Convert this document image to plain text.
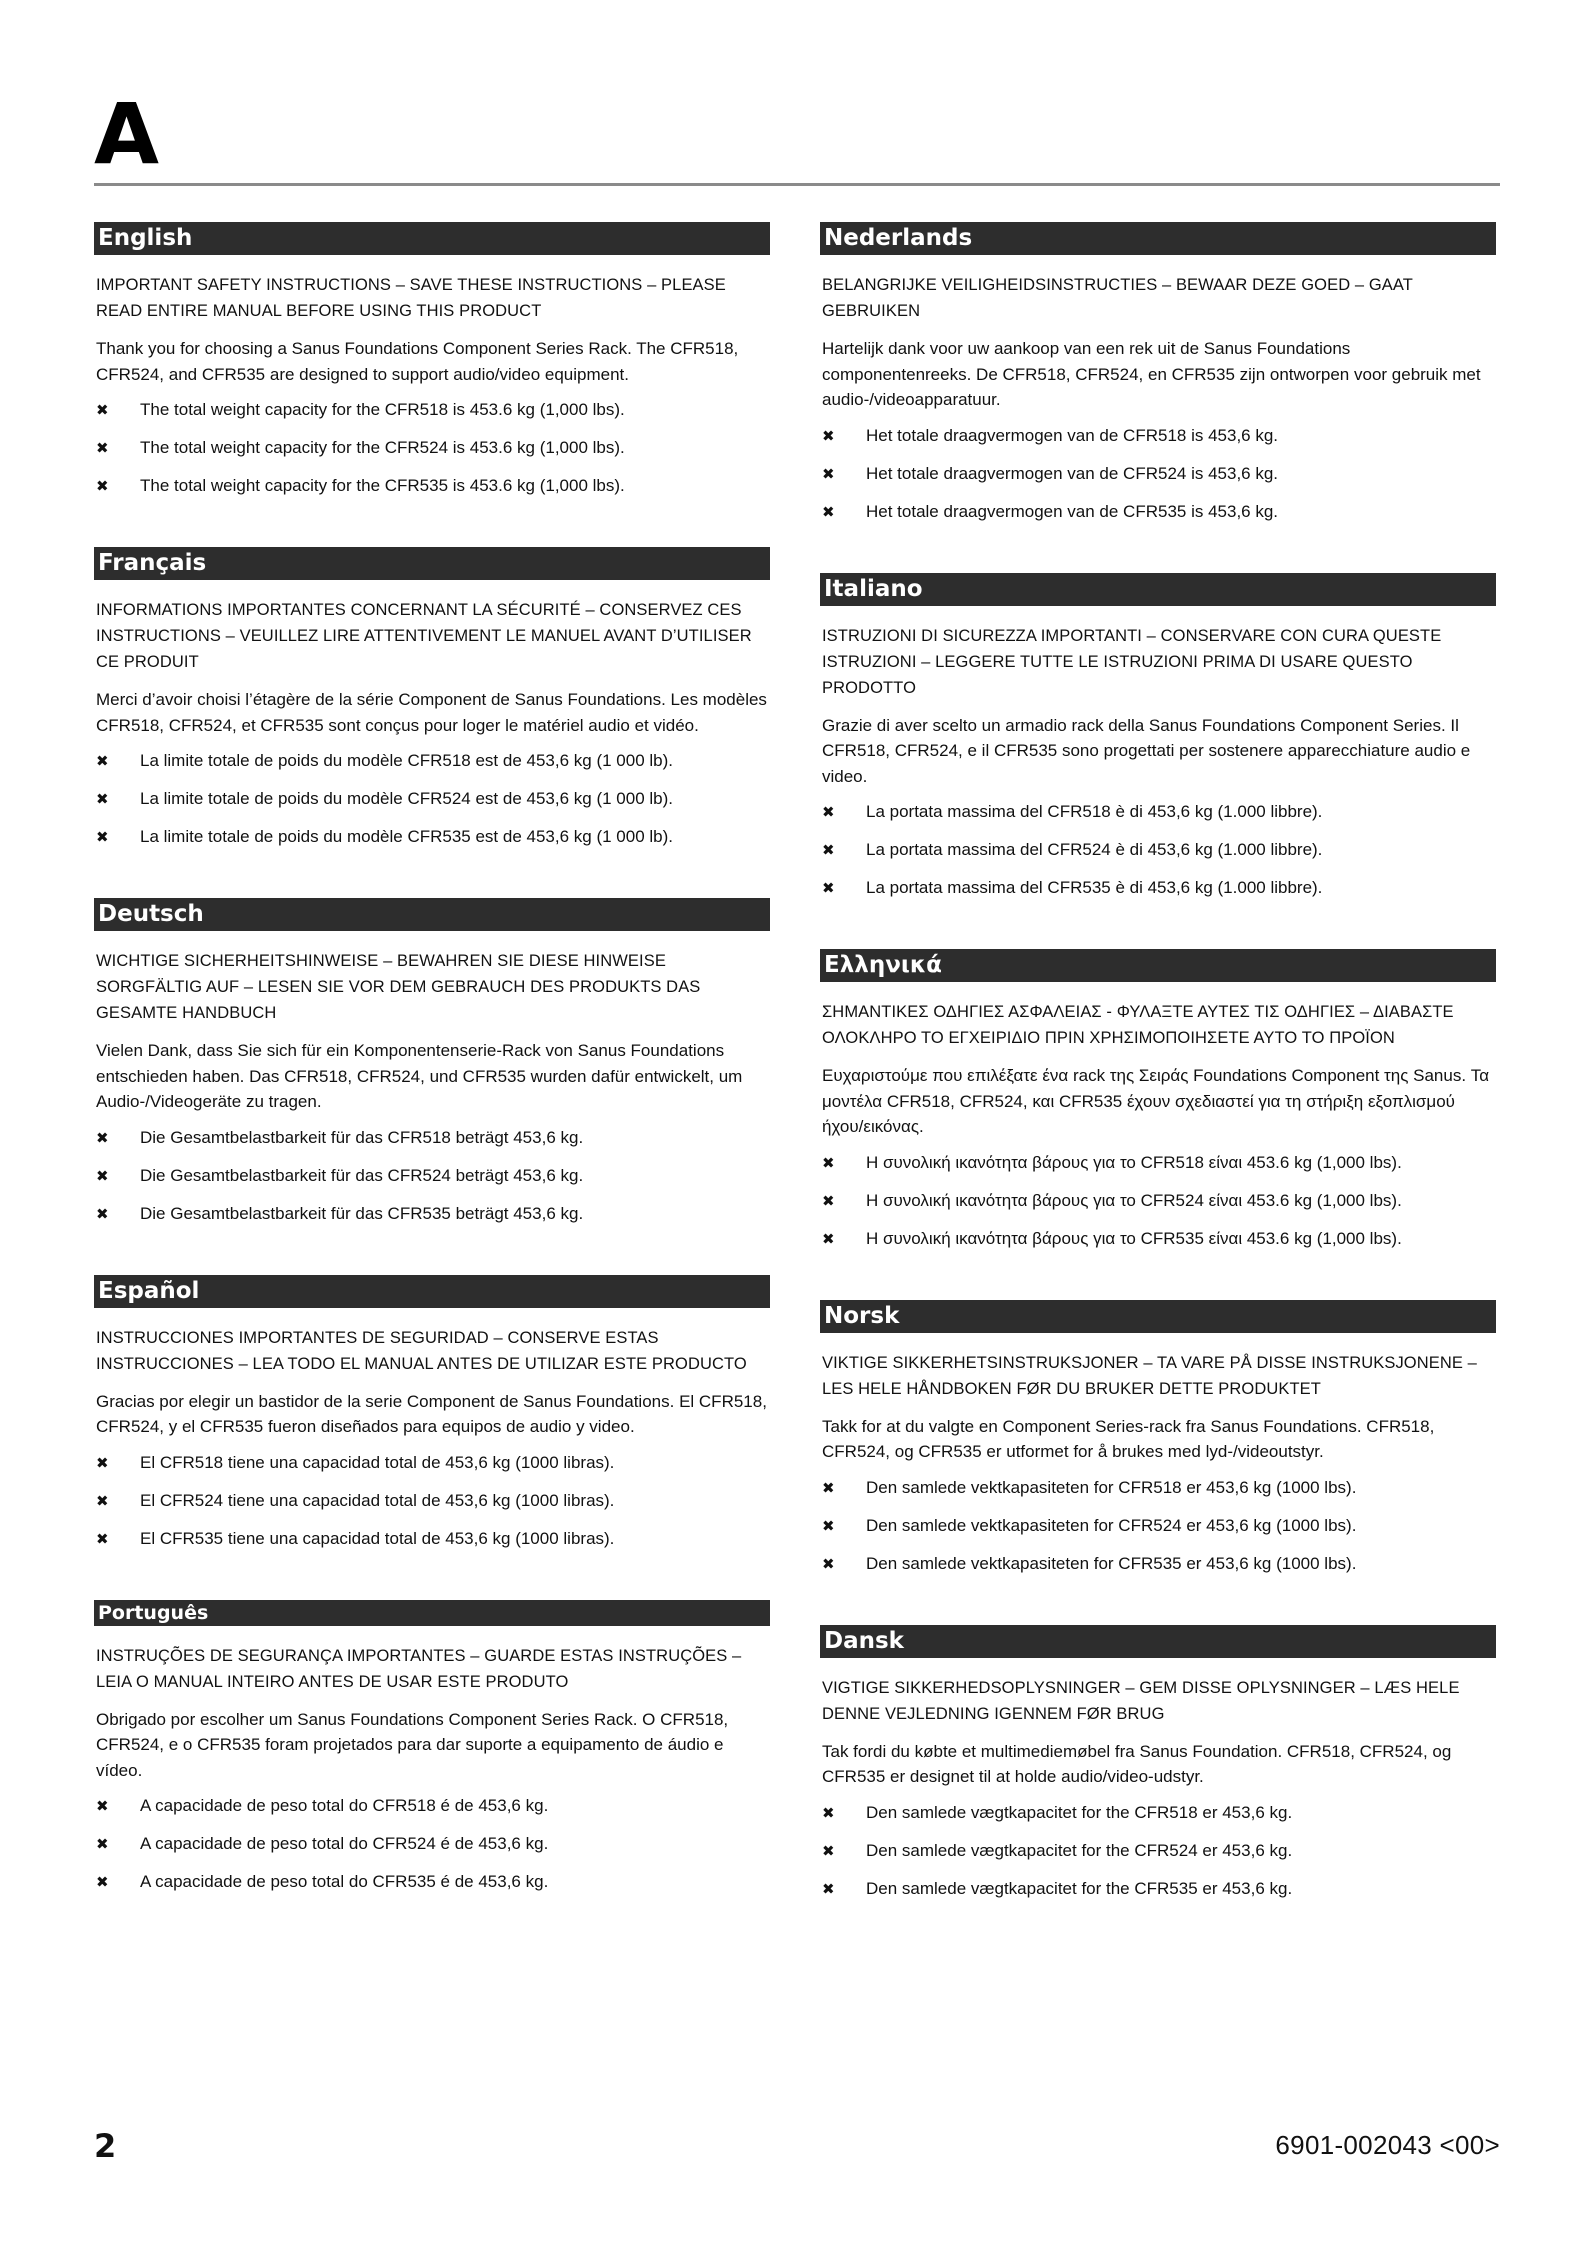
A
English

IMPORTANT SAFETY INSTRUCTIONS – SAVE THESE INSTRUCTIONS – PLEASE READ ENTIRE MANUAL BEFORE USING THIS PRODUCT

Thank you for choosing a Sanus Foundations Component Series Rack. The CFR518, CFR524, and CFR535 are designed to support audio/video equipment.

✖	The total weight capacity for the CFR518 is 453.6 kg (1,000 lbs).
✖	The total weight capacity for the CFR524 is 453.6 kg (1,000 lbs).
✖	The total weight capacity for the CFR535 is 453.6 kg (1,000 lbs).
Français

INFORMATIONS IMPORTANTES CONCERNANT LA SÉCURITÉ – CONSERVEZ CES INSTRUCTIONS – VEUILLEZ LIRE ATTENTIVEMENT LE MANUEL AVANT D’UTILISER CE PRODUIT

Merci d’avoir choisi l’étagère de la série Component de Sanus Foundations. Les modèles CFR518, CFR524, et CFR535 sont conçus pour loger le matériel audio et vidéo.

✖	La limite totale de poids du modèle CFR518 est de 453,6 kg (1 000 lb).
✖	La limite totale de poids du modèle CFR524 est de 453,6 kg (1 000 lb).
✖	La limite totale de poids du modèle CFR535 est de 453,6 kg (1 000 lb).
Deutsch

WICHTIGE SICHERHEITSHINWEISE – BEWAHREN SIE DIESE HINWEISE SORGFÄLTIG AUF – LESEN SIE VOR DEM GEBRAUCH DES PRODUKTS DAS GESAMTE HANDBUCH

Vielen Dank, dass Sie sich für ein Komponentenserie-Rack von Sanus Foundations entschieden haben. Das CFR518, CFR524, und CFR535 wurden dafür entwickelt, um Audio-/Videogeräte zu tragen.

✖	Die Gesamtbelastbarkeit für das CFR518 beträgt 453,6 kg.
✖	Die Gesamtbelastbarkeit für das CFR524 beträgt 453,6 kg.
✖	Die Gesamtbelastbarkeit für das CFR535 beträgt 453,6 kg.
Español

INSTRUCCIONES IMPORTANTES DE SEGURIDAD – CONSERVE ESTAS INSTRUCCIONES – LEA TODO EL MANUAL ANTES DE UTILIZAR ESTE PRODUCTO

Gracias por elegir un bastidor de la serie Component de Sanus Foundations. El CFR518, CFR524, y el CFR535 fueron diseñados para equipos de audio y video.

✖	El CFR518 tiene una capacidad total de 453,6 kg (1000 libras).
✖	El CFR524 tiene una capacidad total de 453,6 kg (1000 libras).
✖	El CFR535 tiene una capacidad total de 453,6 kg (1000 libras).
Português

INSTRUÇÕES DE SEGURANÇA IMPORTANTES – GUARDE ESTAS INSTRUÇÕES – LEIA O MANUAL INTEIRO ANTES DE USAR ESTE PRODUTO

Obrigado por escolher um Sanus Foundations Component Series Rack. O CFR518, CFR524, e o CFR535 foram projetados para dar suporte a equipamento de áudio e vídeo.

✖	A capacidade de peso total do CFR518 é de 453,6 kg.
✖	A capacidade de peso total do CFR524 é de 453,6 kg.
✖	A capacidade de peso total do CFR535 é de 453,6 kg.
Nederlands

BELANGRIJKE VEILIGHEIDSINSTRUCTIES – BEWAAR DEZE GOED – GAAT GEBRUIKEN

Hartelijk dank voor uw aankoop van een rek uit de Sanus Foundations componentenreeks. De CFR518, CFR524, en CFR535 zijn ontworpen voor gebruik met audio-/videoapparatuur.

✖	Het totale draagvermogen van de CFR518 is 453,6 kg.
✖	Het totale draagvermogen van de CFR524 is 453,6 kg.
✖	Het totale draagvermogen van de CFR535 is 453,6 kg.
Italiano

ISTRUZIONI DI SICUREZZA IMPORTANTI – CONSERVARE CON CURA QUESTE ISTRUZIONI – LEGGERE TUTTE LE ISTRUZIONI PRIMA DI USARE QUESTO PRODOTTO

Grazie di aver scelto un armadio rack della Sanus Foundations Component Series. Il CFR518, CFR524, e il CFR535 sono progettati per sostenere apparecchiature audio e video.

✖	La portata massima del CFR518 è di 453,6 kg (1.000 libbre).
✖	La portata massima del CFR524 è di 453,6 kg (1.000 libbre).
✖	La portata massima del CFR535 è di 453,6 kg (1.000 libbre).
Ελληνικά

ΣΗΜΑΝΤΙΚΕΣ ΟΔΗΓΙΕΣ ΑΣΦΑΛΕΙΑΣ - ΦΥΛΑΞΤΕ ΑΥΤΕΣ ΤΙΣ ΟΔΗΓΙΕΣ – ΔΙΑΒΑΣΤΕ ΟΛΟΚΛΗΡΟ ΤΟ ΕΓΧΕΙΡΙΔΙΟ ΠΡΙΝ ΧΡΗΣΙΜΟΠΟΙΗΣΕΤΕ ΑΥΤΟ ΤΟ ΠΡΟΪΟΝ

Ευχαριστούμε που επιλέξατε ένα rack της Σειράς Foundations Component της Sanus. Τα μοντέλα CFR518, CFR524, και CFR535 έχουν σχεδιαστεί για τη στήριξη εξοπλισμού ήχου/εικόνας.

✖	Η συνολική ικανότητα βάρους για το CFR518 είναι 453.6 kg (1,000 lbs).
✖	Η συνολική ικανότητα βάρους για το CFR524 είναι 453.6 kg (1,000 lbs).
✖	Η συνολική ικανότητα βάρους για το CFR535 είναι 453.6 kg (1,000 lbs).
Norsk

VIKTIGE SIKKERHETSINSTRUKSJONER – TA VARE PÅ DISSE INSTRUKSJONENE – LES HELE HÅNDBOKEN FØR DU BRUKER DETTE PRODUKTET

Takk for at du valgte en Component Series-rack fra Sanus Foundations. CFR518, CFR524, og CFR535 er utformet for å brukes med lyd-/videoutstyr.

✖	Den samlede vektkapasiteten for CFR518 er 453,6 kg (1000 lbs).
✖	Den samlede vektkapasiteten for CFR524 er 453,6 kg (1000 lbs).
✖	Den samlede vektkapasiteten for CFR535 er 453,6 kg (1000 lbs).
Dansk

VIGTIGE SIKKERHEDSOPLYSNINGER – GEM DISSE OPLYSNINGER – LÆS HELE DENNE VEJLEDNING IGENNEM FØR BRUG

Tak fordi du købte et multimediemøbel fra Sanus Foundation. CFR518, CFR524, og CFR535 er designet til at holde audio/video-udstyr.

✖	Den samlede vægtkapacitet for the CFR518 er 453,6 kg.
✖	Den samlede vægtkapacitet for the CFR524 er 453,6 kg.
✖	Den samlede vægtkapacitet for the CFR535 er 453,6 kg.
2	6901-002043 <00>
